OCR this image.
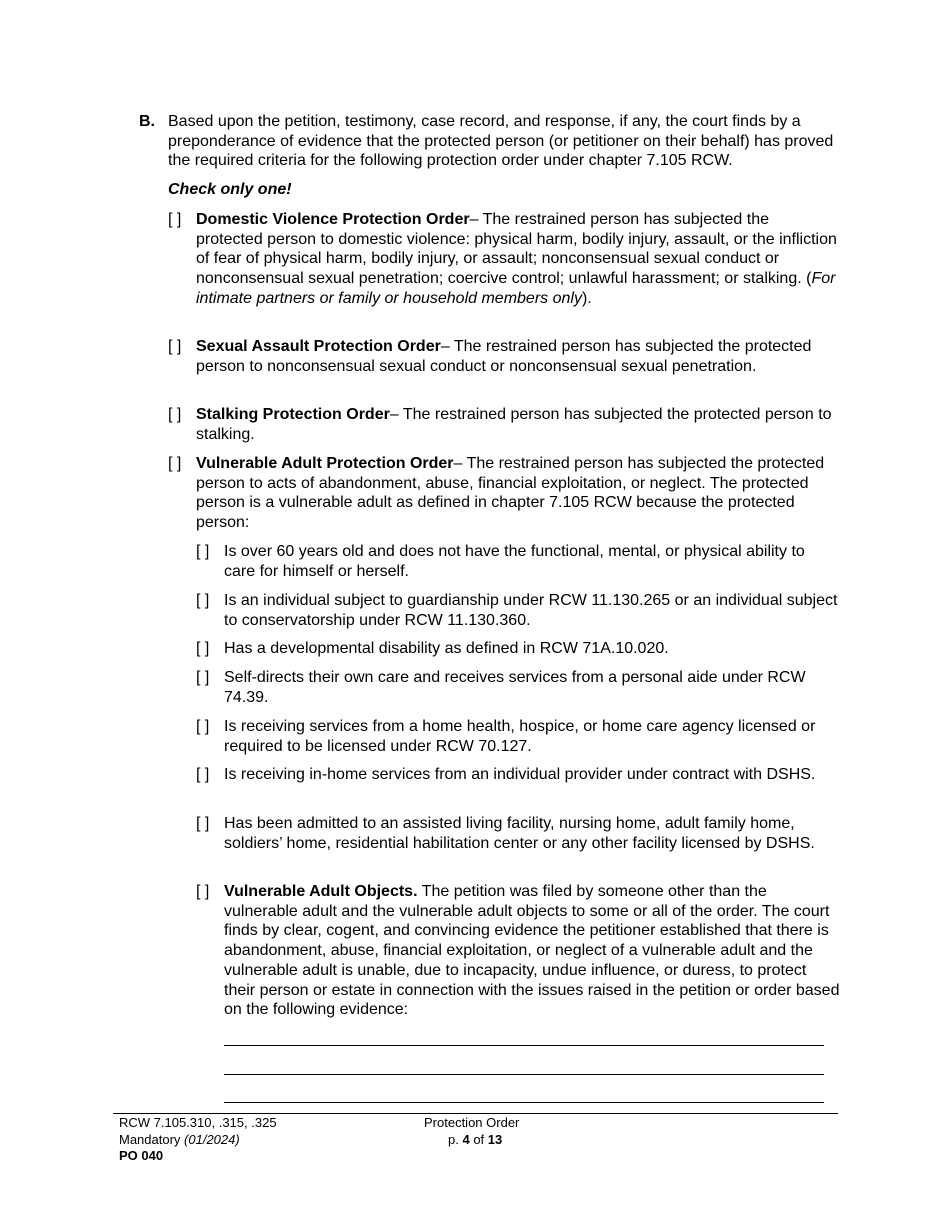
B. Based upon the petition, testimony, case record, and response, if any, the court finds by a preponderance of evidence that the protected person (or petitioner on their behalf) has proved the required criteria for the following protection order under chapter 7.105 RCW.
Check only one!
[ ] Domestic Violence Protection Order– The restrained person has subjected the protected person to domestic violence: physical harm, bodily injury, assault, or the infliction of fear of physical harm, bodily injury, or assault; nonconsensual sexual conduct or nonconsensual sexual penetration; coercive control; unlawful harassment; or stalking. (For intimate partners or family or household members only).
[ ] Sexual Assault Protection Order– The restrained person has subjected the protected person to nonconsensual sexual conduct or nonconsensual sexual penetration.
[ ] Stalking Protection Order– The restrained person has subjected the protected person to stalking.
[ ] Vulnerable Adult Protection Order– The restrained person has subjected the protected person to acts of abandonment, abuse, financial exploitation, or neglect. The protected person is a vulnerable adult as defined in chapter 7.105 RCW because the protected person:
[ ] Is over 60 years old and does not have the functional, mental, or physical ability to care for himself or herself.
[ ] Is an individual subject to guardianship under RCW 11.130.265 or an individual subject to conservatorship under RCW 11.130.360.
[ ] Has a developmental disability as defined in RCW 71A.10.020.
[ ] Self-directs their own care and receives services from a personal aide under RCW 74.39.
[ ] Is receiving services from a home health, hospice, or home care agency licensed or required to be licensed under RCW 70.127.
[ ] Is receiving in-home services from an individual provider under contract with DSHS.
[ ] Has been admitted to an assisted living facility, nursing home, adult family home, soldiers’ home, residential habilitation center or any other facility licensed by DSHS.
[ ] Vulnerable Adult Objects. The petition was filed by someone other than the vulnerable adult and the vulnerable adult objects to some or all of the order. The court finds by clear, cogent, and convincing evidence the petitioner established that there is abandonment, abuse, financial exploitation, or neglect of a vulnerable adult and the vulnerable adult is unable, due to incapacity, undue influence, or duress, to protect their person or estate in connection with the issues raised in the petition or order based on the following evidence:
RCW 7.105.310, .315, .325
Mandatory (01/2024)
PO 040
Protection Order
p. 4 of 13
